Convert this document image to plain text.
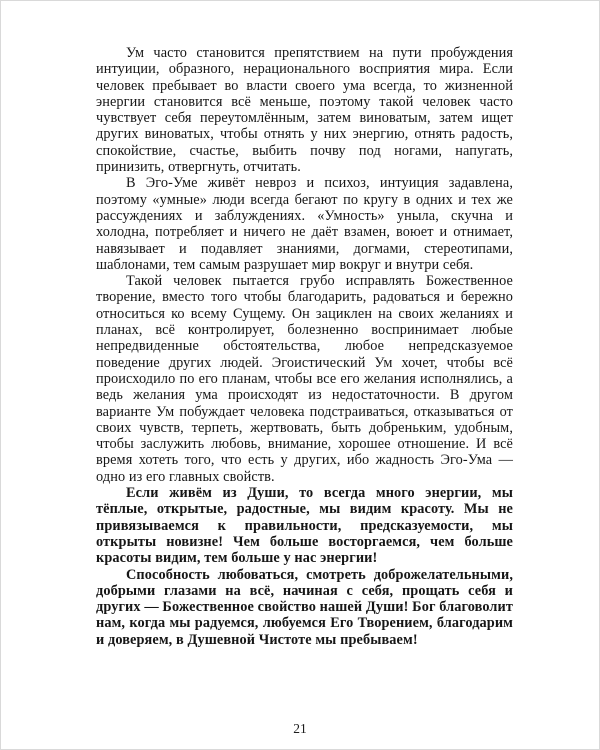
Ум часто становится препятствием на пути пробуждения интуиции, образного, нерационального восприятия мира. Если человек пребывает во власти своего ума всегда, то жизненной энергии становится всё меньше, поэтому такой человек часто чувствует себя переутомлённым, затем виноватым, затем ищет других виноватых, чтобы отнять у них энергию, отнять радость, спокойствие, счастье, выбить почву под ногами, напугать, принизить, отвергнуть, отчитать.

В Эго-Уме живёт невроз и психоз, интуиция задавлена, поэтому «умные» люди всегда бегают по кругу в одних и тех же рассуждениях и заблуждениях. «Умность» уныла, скучна и холодна, потребляет и ничего не даёт взамен, воюет и отнимает, навязывает и подавляет знаниями, догмами, стереотипами, шаблонами, тем самым разрушает мир вокруг и внутри себя.

Такой человек пытается грубо исправлять Божественное творение, вместо того чтобы благодарить, радоваться и бережно относиться ко всему Сущему. Он зациклен на своих желаниях и планах, всё контролирует, болезненно воспринимает любые непредвиденные обстоятельства, любое непредсказуемое поведение других людей. Эгоистический Ум хочет, чтобы всё происходило по его планам, чтобы все его желания исполнялись, а ведь желания ума происходят из недостаточности. В другом варианте Ум побуждает человека подстраиваться, отказываться от своих чувств, терпеть, жертвовать, быть добреньким, удобным, чтобы заслужить любовь, внимание, хорошее отношение. И всё время хотеть того, что есть у других, ибо жадность Эго-Ума — одно из его главных свойств.

Если живём из Души, то всегда много энергии, мы тёплые, открытые, радостные, мы видим красоту. Мы не привязываемся к правильности, предсказуемости, мы открыты новизне! Чем больше восторгаемся, чем больше красоты видим, тем больше у нас энергии!

Способность любоваться, смотреть доброжелательными, добрыми глазами на всё, начиная с себя, прощать себя и других — Божественное свойство нашей Души! Бог благоволит нам, когда мы радуемся, любуемся Его Творением, благодарим и доверяем, в Душевной Чистоте мы пребываем!

21
